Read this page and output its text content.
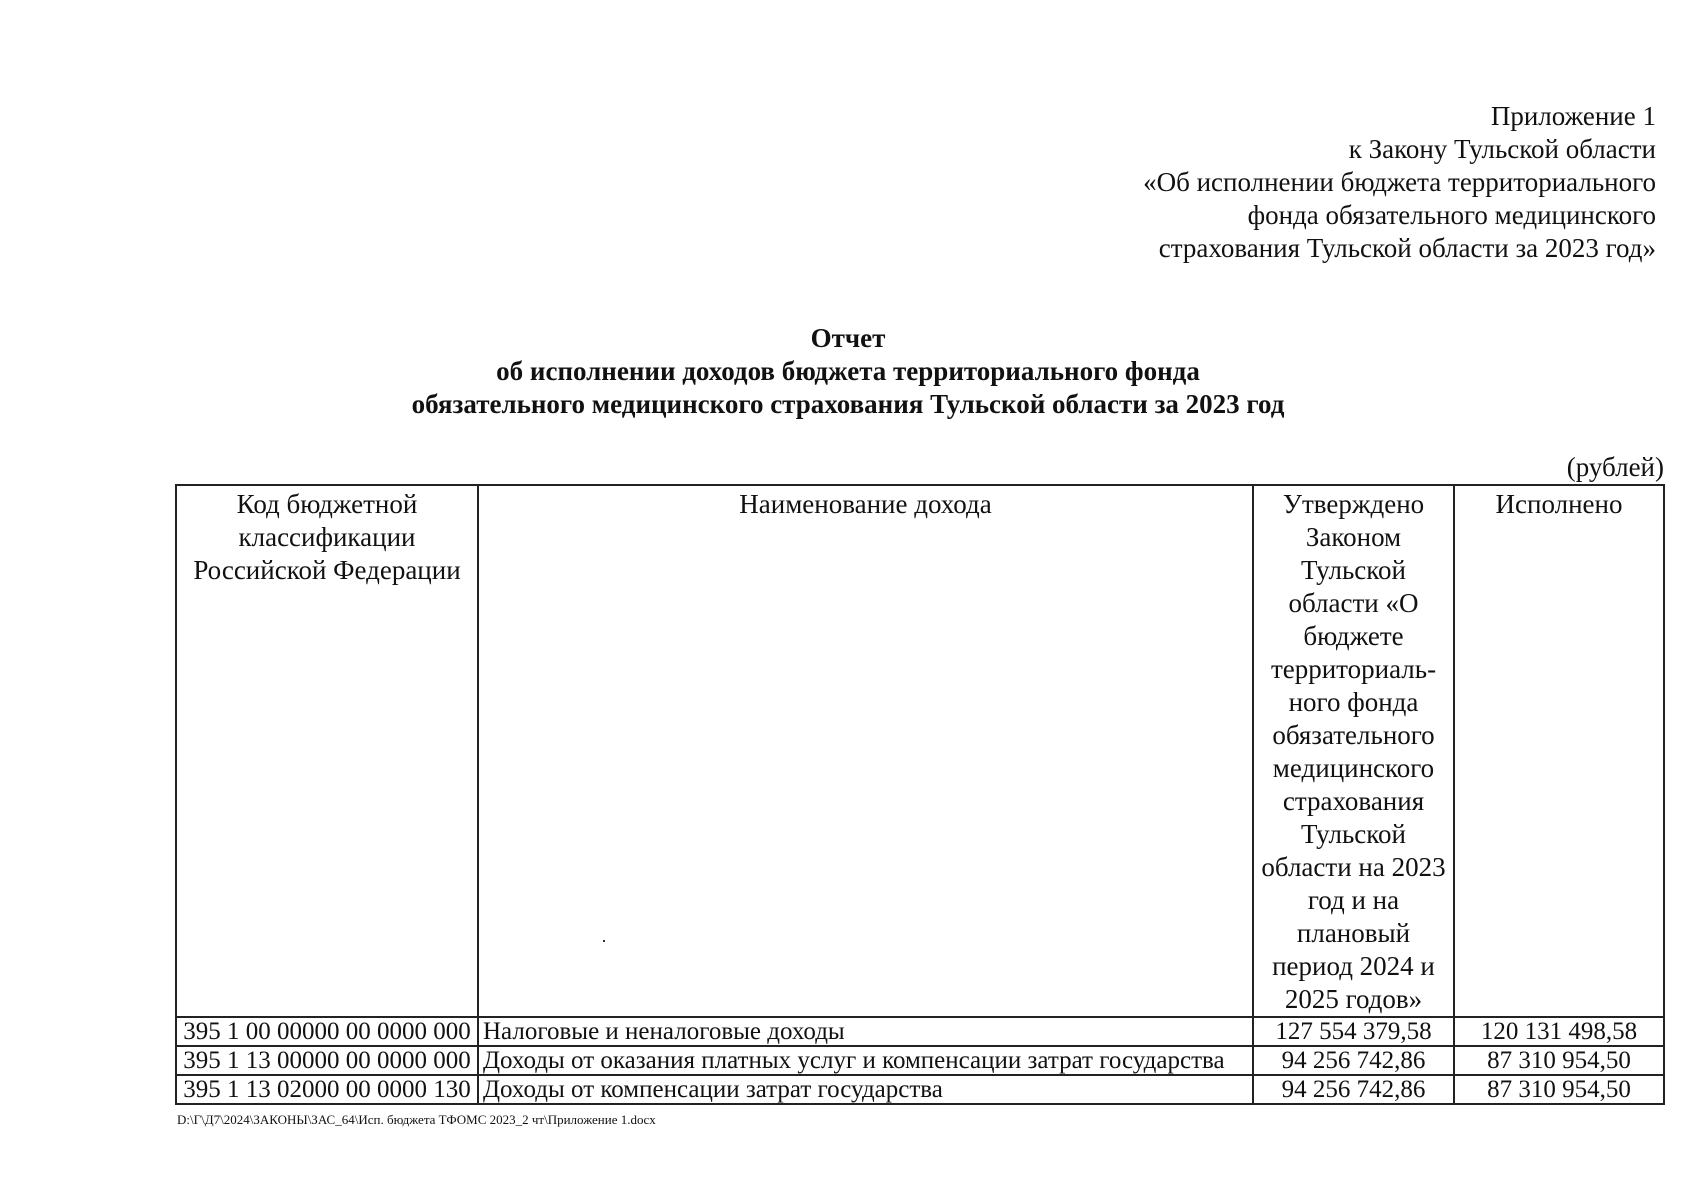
Приложение 1
к Закону Тульской области
«Об исполнении бюджета территориального
фонда обязательного медицинского
страхования Тульской области за 2023 год»
Отчет
об исполнении доходов бюджета территориального фонда
обязательного медицинского страхования Тульской области за 2023 год
(рублей)
Код бюджетной классификации Российской Федерации	Наименование дохода	Утверждено Законом Тульской области «О бюджете территориаль-ного фонда обязательного медицинского страхования Тульской области на 2023 год и на плановый период 2024 и 2025 годов»	Исполнено
395 1 00 00000 00 0000 000	Налоговые и неналоговые доходы	127 554 379,58	120 131 498,58
395 1 13 00000 00 0000 000	Доходы от оказания платных услуг и компенсации затрат государства	94 256 742,86	87 310 954,50
395 1 13 02000 00 0000 130	Доходы от компенсации затрат государства	94 256 742,86	87 310 954,50
D:\Г\Д7\2024\ЗАКОНЫ\ЗАС_64\Исп. бюджета ТФОМС 2023_2 чт\Приложение 1.docx
